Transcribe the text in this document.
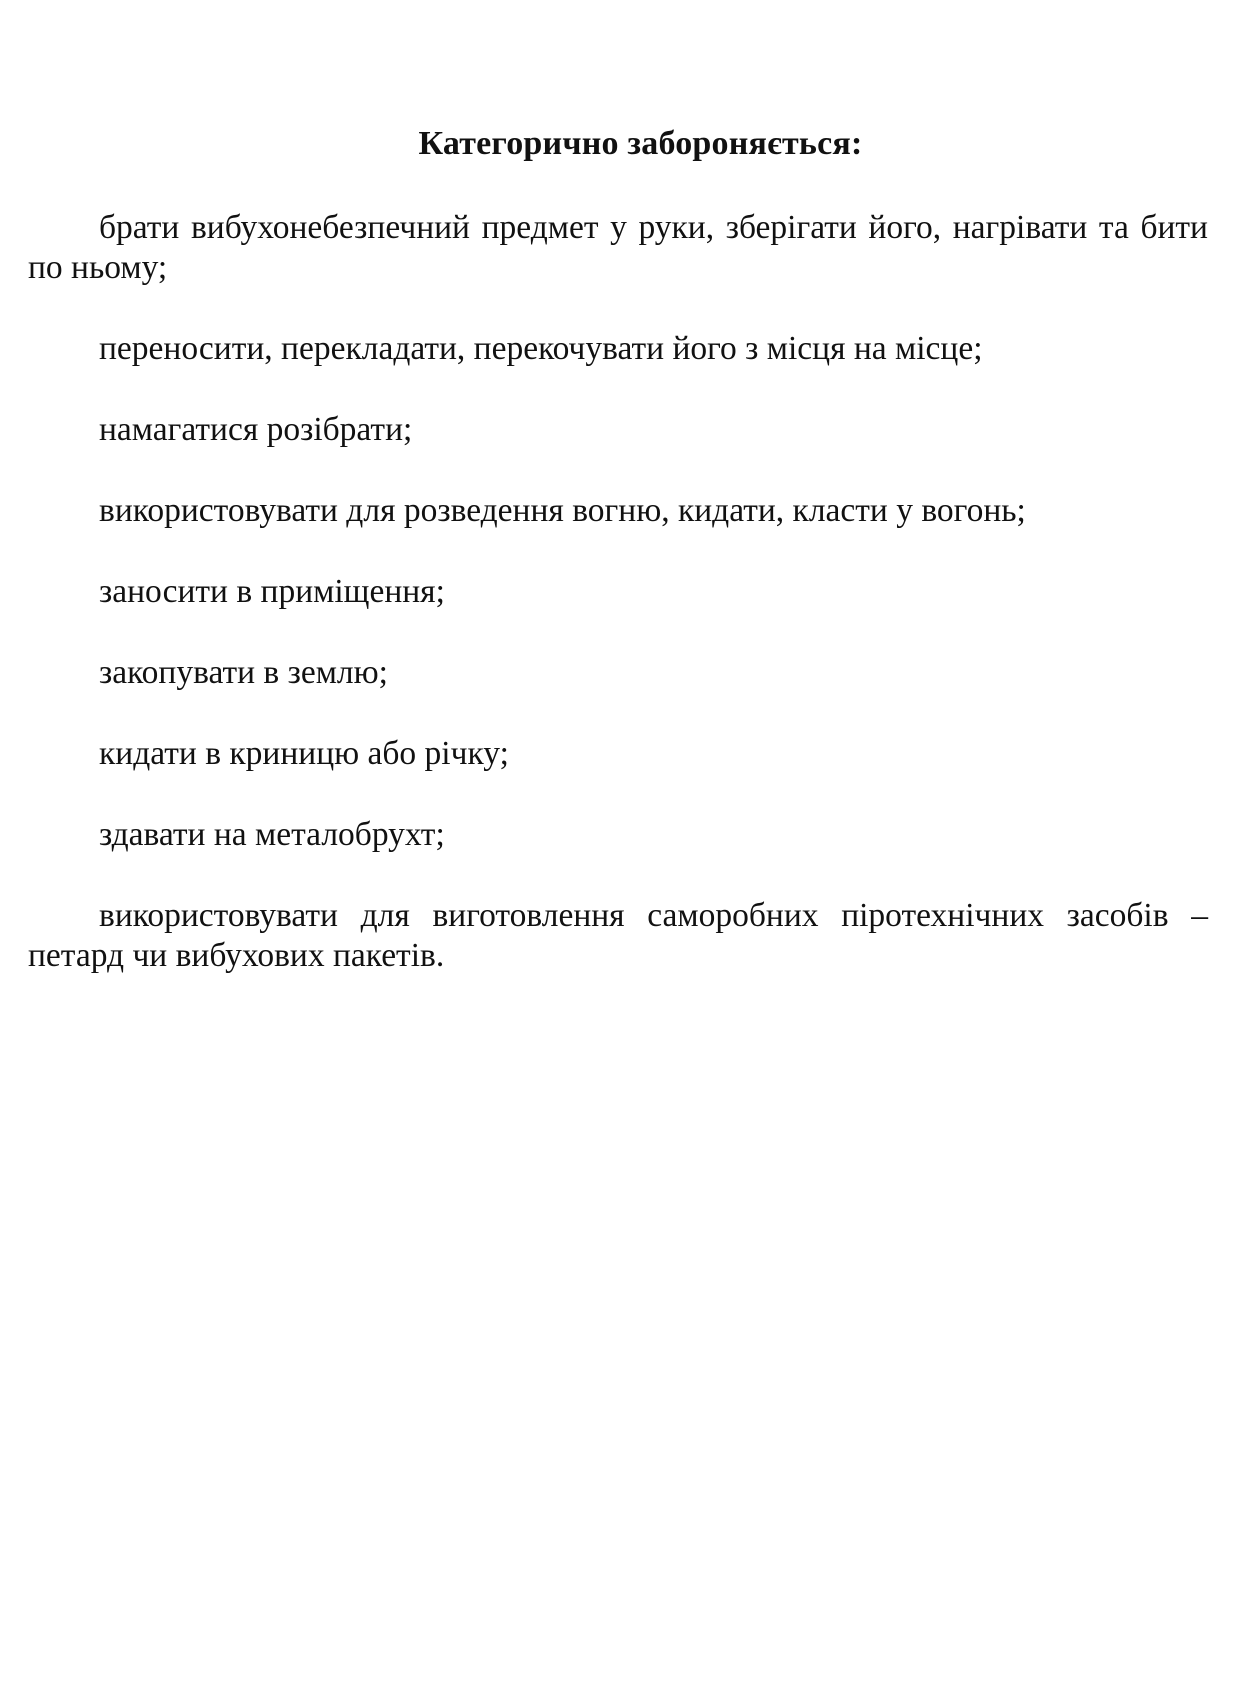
Категорично забороняється:

брати вибухонебезпечний предмет у руки, зберігати його, нагрівати та бити по ньому;

переносити, перекладати, перекочувати його з місця на місце;

намагатися розібрати;

використовувати для розведення вогню, кидати, класти у вогонь;

заносити в приміщення;

закопувати в землю;

кидати в криницю або річку;

здавати на металобрухт;

використовувати для виготовлення саморобних піротехнічних засобів – петард чи вибухових пакетів.
